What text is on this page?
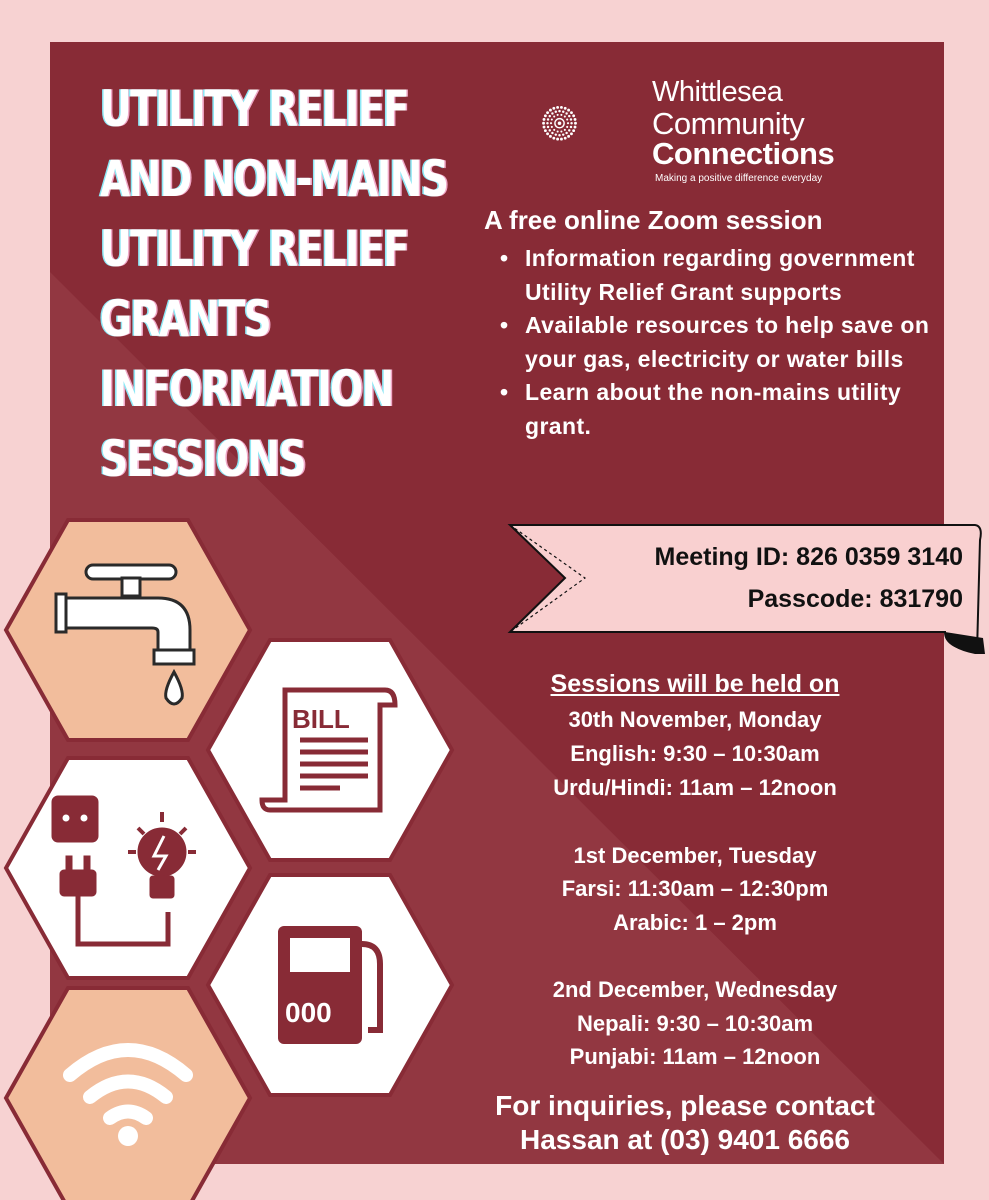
UTILITY RELIEF
AND NON-MAINS
UTILITY RELIEF
GRANTS
INFORMATION
SESSIONS
Whittlesea
Community
Connections
Making a positive difference everyday
A free online Zoom session
• Information regarding government Utility Relief Grant supports
• Available resources to help save on your gas, electricity or water bills
• Learn about the non-mains utility grant.
Meeting ID: 826 0359 3140
Passcode: 831790
Sessions will be held on
30th November, Monday
English: 9:30 – 10:30am
Urdu/Hindi: 11am – 12noon
1st December, Tuesday
Farsi: 11:30am – 12:30pm
Arabic: 1 – 2pm
2nd December, Wednesday
Nepali: 9:30 – 10:30am
Punjabi: 11am – 12noon
For inquiries, please contact
Hassan at (03) 9401 6666
BILL
000
